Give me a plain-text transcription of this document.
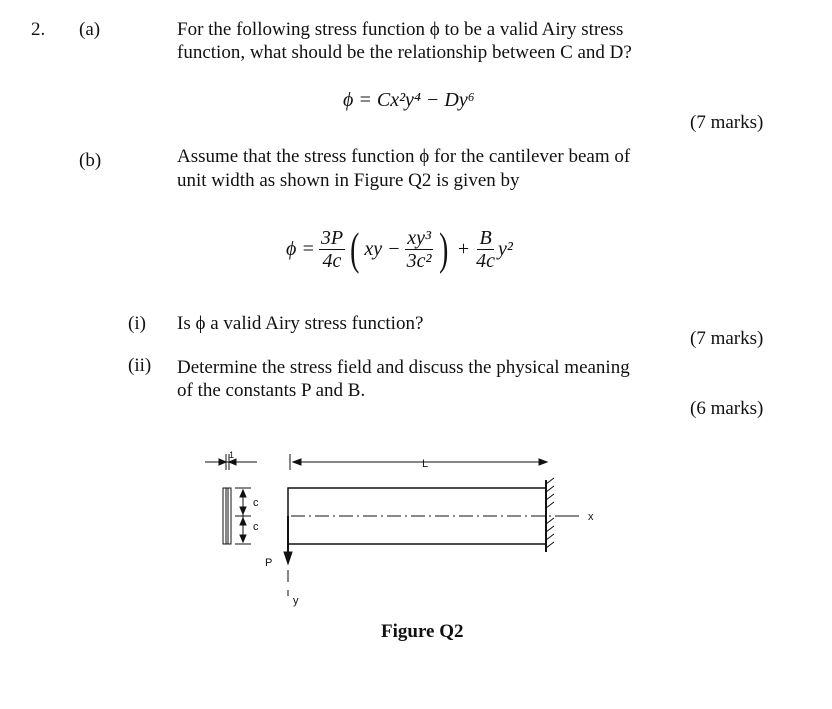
2. (a)	For the following stress function ϕ to be a valid Airy stress
function, what should be the relationship between C and D?
ϕ = Cx²y⁴ − Dy⁶
(7 marks)
(b)	Assume that the stress function ϕ for the cantilever beam of
unit width as shown in Figure Q2 is given by
$\phi = \frac{3P}{4c}$ ( xy − $\frac{\text{xy³}}{\text{3c²}}$ ) + $\frac{B}{4c} y^2$
(i) Is ϕ a valid Airy stress function?
(7 marks)
(ii) Determine the stress field and discuss the physical meaning
of the constants P and B.
(6 marks)
L
c
c
P
x
y
1
Figure Q2
